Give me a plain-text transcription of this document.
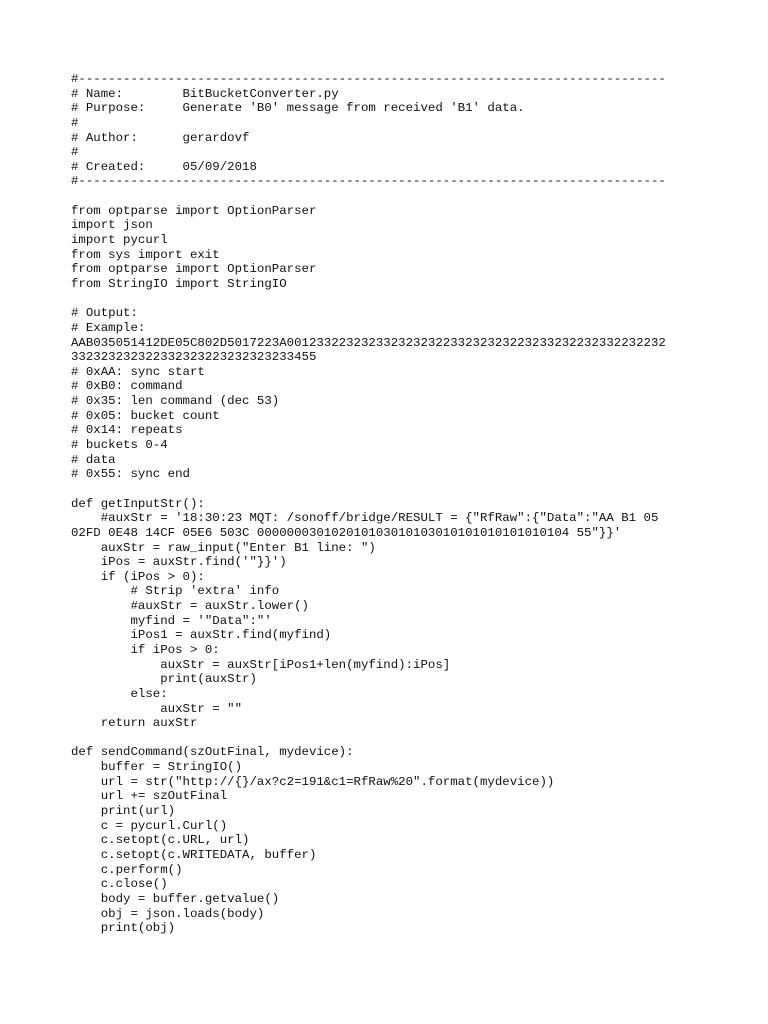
#-------------------------------------------------------------------------------
# Name:        BitBucketConverter.py
# Purpose:     Generate 'B0' message from received 'B1' data.
#
# Author:      gerardovf
#
# Created:     05/09/2018
#-------------------------------------------------------------------------------
from optparse import OptionParser
import json
import pycurl
from sys import exit
from optparse import OptionParser
from StringIO import StringIO
# Output:
# Example:
AAB035051412DE05C802D5017223A001233223232332323232233232323223233232232332232232
332323232322332323223232323233455
# 0xAA: sync start
# 0xB0: command
# 0x35: len command (dec 53)
# 0x05: bucket count
# 0x14: repeats
# buckets 0-4
# data
# 0x55: sync end
def getInputStr():
#auxStr = '18:30:23 MQT: /sonoff/bridge/RESULT = {"RfRaw":{"Data":"AA B1 05
02FD 0E48 14CF 05E6 503C 000000030102010103010103010101010101010104 55"}}'
auxStr = raw_input("Enter B1 line: ")
iPos = auxStr.find('"}}')
if (iPos > 0):
# Strip 'extra' info
#auxStr = auxStr.lower()
myfind = '"Data":"'
iPos1 = auxStr.find(myfind)
if iPos > 0:
auxStr = auxStr[iPos1+len(myfind):iPos]
print(auxStr)
else:
auxStr = ""
return auxStr
def sendCommand(szOutFinal, mydevice):
buffer = StringIO()
url = str("http://{}/ax?c2=191&c1=RfRaw%20".format(mydevice))
url += szOutFinal
print(url)
c = pycurl.Curl()
c.setopt(c.URL, url)
c.setopt(c.WRITEDATA, buffer)
c.perform()
c.close()
body = buffer.getvalue()
obj = json.loads(body)
print(obj)
